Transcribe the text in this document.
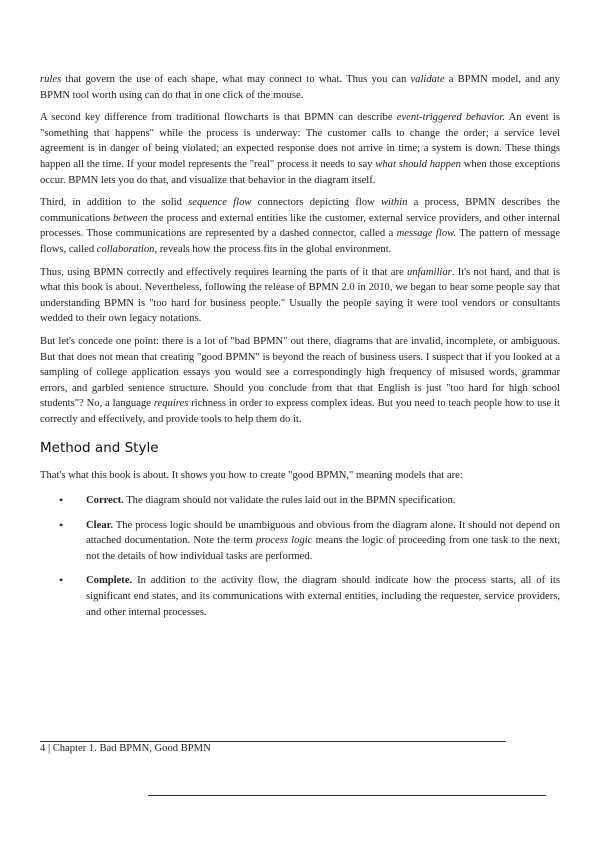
rules that govern the use of each shape, what may connect to what. Thus you can validate a BPMN model, and any BPMN tool worth using can do that in one click of the mouse.

A second key difference from traditional flowcharts is that BPMN can describe event-triggered behavior. An event is "something that happens" while the process is underway: The customer calls to change the order; a service level agreement is in danger of being violated; an expected response does not arrive in time; a system is down. These things happen all the time. If your model represents the "real" process it needs to say what should happen when those exceptions occur. BPMN lets you do that, and visualize that behavior in the diagram itself.

Third, in addition to the solid sequence flow connectors depicting flow within a process, BPMN describes the communications between the process and external entities like the customer, external service providers, and other internal processes. Those communications are represented by a dashed connector, called a message flow. The pattern of message flows, called collaboration, reveals how the process fits in the global environment.

Thus, using BPMN correctly and effectively requires learning the parts of it that are unfamiliar. It's not hard, and that is what this book is about. Nevertheless, following the release of BPMN 2.0 in 2010, we began to hear some people say that understanding BPMN is "too hard for business people." Usually the people saying it were tool vendors or consultants wedded to their own legacy notations.

But let's concede one point: there is a lot of "bad BPMN" out there, diagrams that are invalid, incomplete, or ambiguous. But that does not mean that creating "good BPMN" is beyond the reach of business users. I suspect that if you looked at a sampling of college application essays you would see a correspondingly high frequency of misused words, grammar errors, and garbled sentence structure. Should you conclude from that that English is just "too hard for high school students"? No, a language requires richness in order to express complex ideas. But you need to teach people how to use it correctly and effectively, and provide tools to help them do it.

Method and Style

That's what this book is about. It shows you how to create "good BPMN," meaning models that are:

• Correct. The diagram should not validate the rules laid out in the BPMN specification.
• Clear. The process logic should be unambiguous and obvious from the diagram alone. It should not depend on attached documentation. Note the term process logic means the logic of proceeding from one task to the next, not the details of how individual tasks are performed.
• Complete. In addition to the activity flow, the diagram should indicate how the process starts, all of its significant end states, and its communications with external entities, including the requester, service providers, and other internal processes.
4 | Chapter 1. Bad BPMN, Good BPMN
